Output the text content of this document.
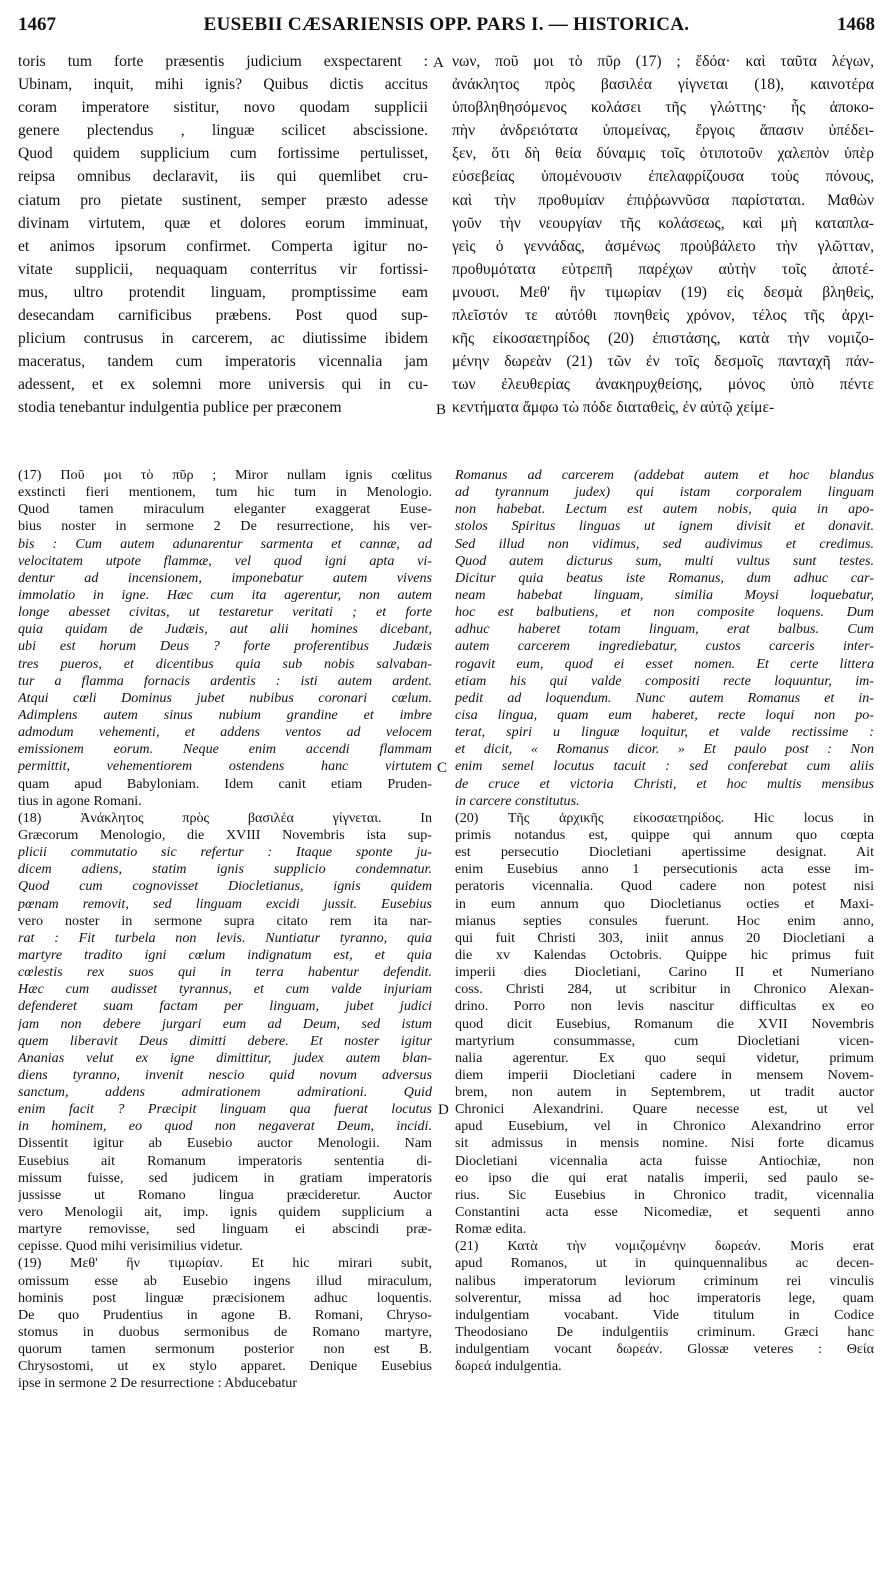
1467	EUSEBII CÆSARIENSIS OPP. PARS I. — HISTORICA.	1468
toris tum forte præsentis judicium exspectarent :
Ubinam, inquit, mihi ignis? Quibus dictis accitus
coram imperatore sistitur, novo quodam supplicii
genere plectendus , linguæ scilicet abscissione.
Quod quidem supplicium cum fortissime pertulisset,
reipsa omnibus declaravit, iis qui quemlibet cru-
ciatum pro pietate sustinent, semper præsto adesse
divinam virtutem, quæ et dolores eorum imminuat,
et animos ipsorum confirmet. Comperta igitur no-
vitate supplicii, nequaquam conterritus vir fortissi-
mus, ultro protendit linguam, promptissime eam
desecandam carnificibus præbens. Post quod sup-
plicium contrusus in carcerem, ac diutissime ibidem
maceratus, tandem cum imperatoris vicennalia jam
adessent, et ex solemni more universis qui in cu-
stodia tenebantur indulgentia publice per præconem
νων, ποῦ μοι τὸ πῦρ (17) ; ἔδόα· καὶ ταῦτα λέγων,
ἀνάκλητος πρὸς βασιλέα γίγνεται (18), καινοτέρα
ὑποβληθησόμενος κολάσει τῆς γλώττης· ἧς ἀποκο-
πὴν ἀνδρειότατα ὑπομείνας, ἔργοις ἅπασιν ὑπέδει-
ξεν, ὅτι δὴ θεία δύναμις τοῖς ὁτιποτοῦν χαλεπὸν ὑπὲρ
εὐσεβείας ὑπομένουσιν ἐπελαφρίζουσα τοὺς πόνους,
καὶ τὴν προθυμίαν ἐπιῤῥωννῦσα παρίσταται. Μαθὼν
γοῦν τὴν νεουργίαν τῆς κολάσεως, καὶ μὴ καταπλα-
γεὶς ὁ γεννάδας, ἀσμένως προὐβάλετο τὴν γλῶτταν,
προθυμότατα εὐτρεπῆ παρέχων αὐτὴν τοῖς ἀποτέ-
μνουσι. Μεθ' ἣν τιμωρίαν (19) εἰς δεσμὰ βληθεὶς,
πλεῖστόν τε αὐτόθι πονηθεὶς χρόνον, τέλος τῆς ἀρχι-
κῆς εἰκοσαετηρίδος (20) ἐπιστάσης, κατὰ τὴν νομιζο-
μένην δωρεὰν (21) τῶν ἐν τοῖς δεσμοῖς πανταχῆ πάν-
των ἐλευθερίας ἀνακηρυχθείσης, μόνος ὑπὸ πέντε
κεντήματα ἄμφω τὼ πόδε διαταθεὶς, ἐν αὐτῷ χείμε-
A
B
C
D
(17) Ποῦ μοι τὸ πῦρ ; Miror nullam ignis cœlitus
exstincti fieri mentionem, tum hic tum in Menologio.
Quod tamen miraculum eleganter exaggerat Euse-
bius noster in sermone 2 De resurrectione, his ver-
bis : Cum autem adunarentur sarmenta et cannæ, ad
velocitatem utpote flammæ, vel quod igni apta vi-
dentur ad incensionem, imponebatur autem vivens
immolatio in igne. Hæc cum ita agerentur, non autem
longe abesset civitas, ut testaretur veritati ; et forte
quia quidam de Judæis, aut alii homines dicebant,
ubi est horum Deus ? forte proferentibus Judæis
tres pueros, et dicentibus quia sub nobis salvaban-
tur a flamma fornacis ardentis : isti autem ardent.
Atqui cœli Dominus jubet nubibus coronari cœlum.
Adimplens autem sinus nubium grandine et imbre
admodum vehementi, et addens ventos ad velocem
emissionem eorum. Neque enim accendi flammam
permittit, vehementiorem ostendens hanc virtutem
quam apud Babyloniam. Idem canit etiam Pruden-
tius in agone Romani.
(18) Ἀνάκλητος πρὸς βασιλέα γίγνεται. In
Græcorum Menologio, die XVIII Novembris ista sup-
plicii commutatio sic refertur : Itaque sponte ju-
dicem adiens, statim ignis supplicio condemnatur.
Quod cum cognovisset Diocletianus, ignis quidem
pœnam removit, sed linguam excidi jussit. Eusebius
vero noster in sermone supra citato rem ita nar-
rat : Fit turbela non levis. Nuntiatur tyranno, quia
martyre tradito igni cœlum indignatum est, et quia
cœlestis rex suos qui in terra habentur defendit.
Hæc cum audisset tyrannus, et cum valde injuriam
defenderet suam factam per linguam, jubet judici
jam non debere jurgari eum ad Deum, sed istum
quem liberavit Deus dimitti debere. Et noster igitur
Ananias velut ex igne dimittitur, judex autem blan-
diens tyranno, invenit nescio quid novum adversus
sanctum, addens admirationem admirationi. Quid
enim facit ? Præcipit linguam qua fuerat locutus
in hominem, eo quod non negaverat Deum, incidi.
Dissentit igitur ab Eusebio auctor Menologii. Nam
Eusebius ait Romanum imperatoris sententia di-
missum fuisse, sed judicem in gratiam imperatoris
jussisse ut Romano lingua præcideretur. Auctor
vero Menologii ait, imp. ignis quidem supplicium a
martyre removisse, sed linguam ei abscindi præ-
cepisse. Quod mihi verisimilius videtur.
(19) Μεθ' ἣν τιμωρίαν. Et hic mirari subit,
omissum esse ab Eusebio ingens illud miraculum,
hominis post linguæ præcisionem adhuc loquentis.
De quo Prudentius in agone B. Romani, Chryso-
stomus in duobus sermonibus de Romano martyre,
quorum tamen sermonum posterior non est B.
Chrysostomi, ut ex stylo apparet. Denique Eusebius
ipse in sermone 2 De resurrectione : Abducebatur
Romanus ad carcerem (addebat autem et hoc blandus
ad tyrannum judex) qui istam corporalem linguam
non habebat. Lectum est autem nobis, quia in apo-
stolos Spiritus linguas ut ignem divisit et donavit.
Sed illud non vidimus, sed audivimus et credimus.
Quod autem dicturus sum, multi vultus sunt testes.
Dicitur quia beatus iste Romanus, dum adhuc car-
neam habebat linguam, similia Moysi loquebatur,
hoc est balbutiens, et non composite loquens. Dum
adhuc haberet totam linguam, erat balbus. Cum
autem carcerem ingrediebatur, custos carceris inter-
rogavit eum, quod ei esset nomen. Et certe littera
etiam his qui valde compositi recte loquuntur, im-
pedit ad loquendum. Nunc autem Romanus et in-
cisa lingua, quam eum haberet, recte loqui non po-
terat, spiri u linguæ loquitur, et valde rectissime :
et dicit, « Romanus dicor. » Et paulo post : Non
enim semel locutus tacuit : sed conferebat cum aliis
de cruce et victoria Christi, et hoc multis mensibus
in carcere constitutus.
(20) Τῆς ἀρχικῆς εἰκοσαετηρίδος. Hic locus in
primis notandus est, quippe qui annum quo cœpta
est persecutio Diocletiani apertissime designat. Ait
enim Eusebius anno 1 persecutionis acta esse im-
peratoris vicennalia. Quod cadere non potest nisi
in eum annum quo Diocletianus octies et Maxi-
mianus septies consules fuerunt. Hoc enim anno,
qui fuit Christi 303, iniit annus 20 Diocletiani a
die xv Kalendas Octobris. Quippe hic primus fuit
imperii dies Diocletiani, Carino II et Numeriano
coss. Christi 284, ut scribitur in Chronico Alexan-
drino. Porro non levis nascitur difficultas ex eo
quod dicit Eusebius, Romanum die XVII Novembris
martyrium consummasse, cum Diocletiani vicen-
nalia agerentur. Ex quo sequi videtur, primum
diem imperii Diocletiani cadere in mensem Novem-
brem, non autem in Septembrem, ut tradit auctor
Chronici Alexandrini. Quare necesse est, ut vel
apud Eusebium, vel in Chronico Alexandrino error
sit admissus in mensis nomine. Nisi forte dicamus
Diocletiani vicennalia acta fuisse Antiochiæ, non
eo ipso die qui erat natalis imperii, sed paulo se-
rius. Sic Eusebius in Chronico tradit, vicennalia
Constantini acta esse Nicomediæ, et sequenti anno
Romæ edita.
(21) Κατὰ τὴν νομιζομένην δωρεάν. Moris erat
apud Romanos, ut in quinquennalibus ac decen-
nalibus imperatorum leviorum criminum rei vinculis
solverentur, missa ad hoc imperatoris lege, quam
indulgentiam vocabant. Vide titulum in Codice
Theodosiano De indulgentiis criminum. Græci hanc
indulgentiam vocant δωρεάν. Glossæ veteres : Θεία
δωρεά indulgentia.
